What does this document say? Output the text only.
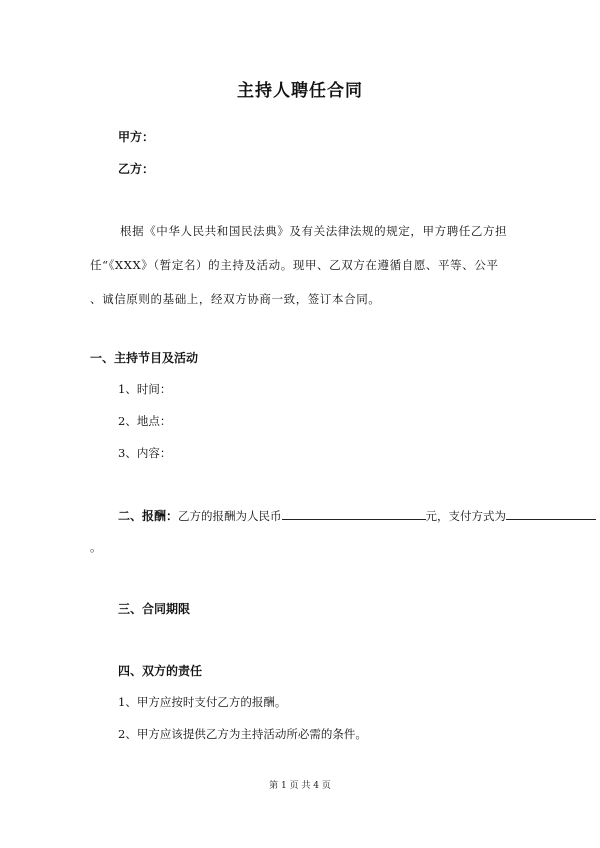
主持人聘任合同
甲方：
乙方：
根据《中华人民共和国民法典》及有关法律法规的规定，甲方聘任乙方担
任“《XXX》（暂定名）的主持及活动。现甲、乙双方在遵循自愿、平等、公平
、诚信原则的基础上，经双方协商一致，签订本合同。
一、主持节目及活动
1、时间：
2、地点：
3、内容：
二、报酬：乙方的报酬为人民币	元，支付方式为
。
三、合同期限
四、双方的责任
1、甲方应按时支付乙方的报酬。
2、甲方应该提供乙方为主持活动所必需的条件。
第 1 页 共 4 页
